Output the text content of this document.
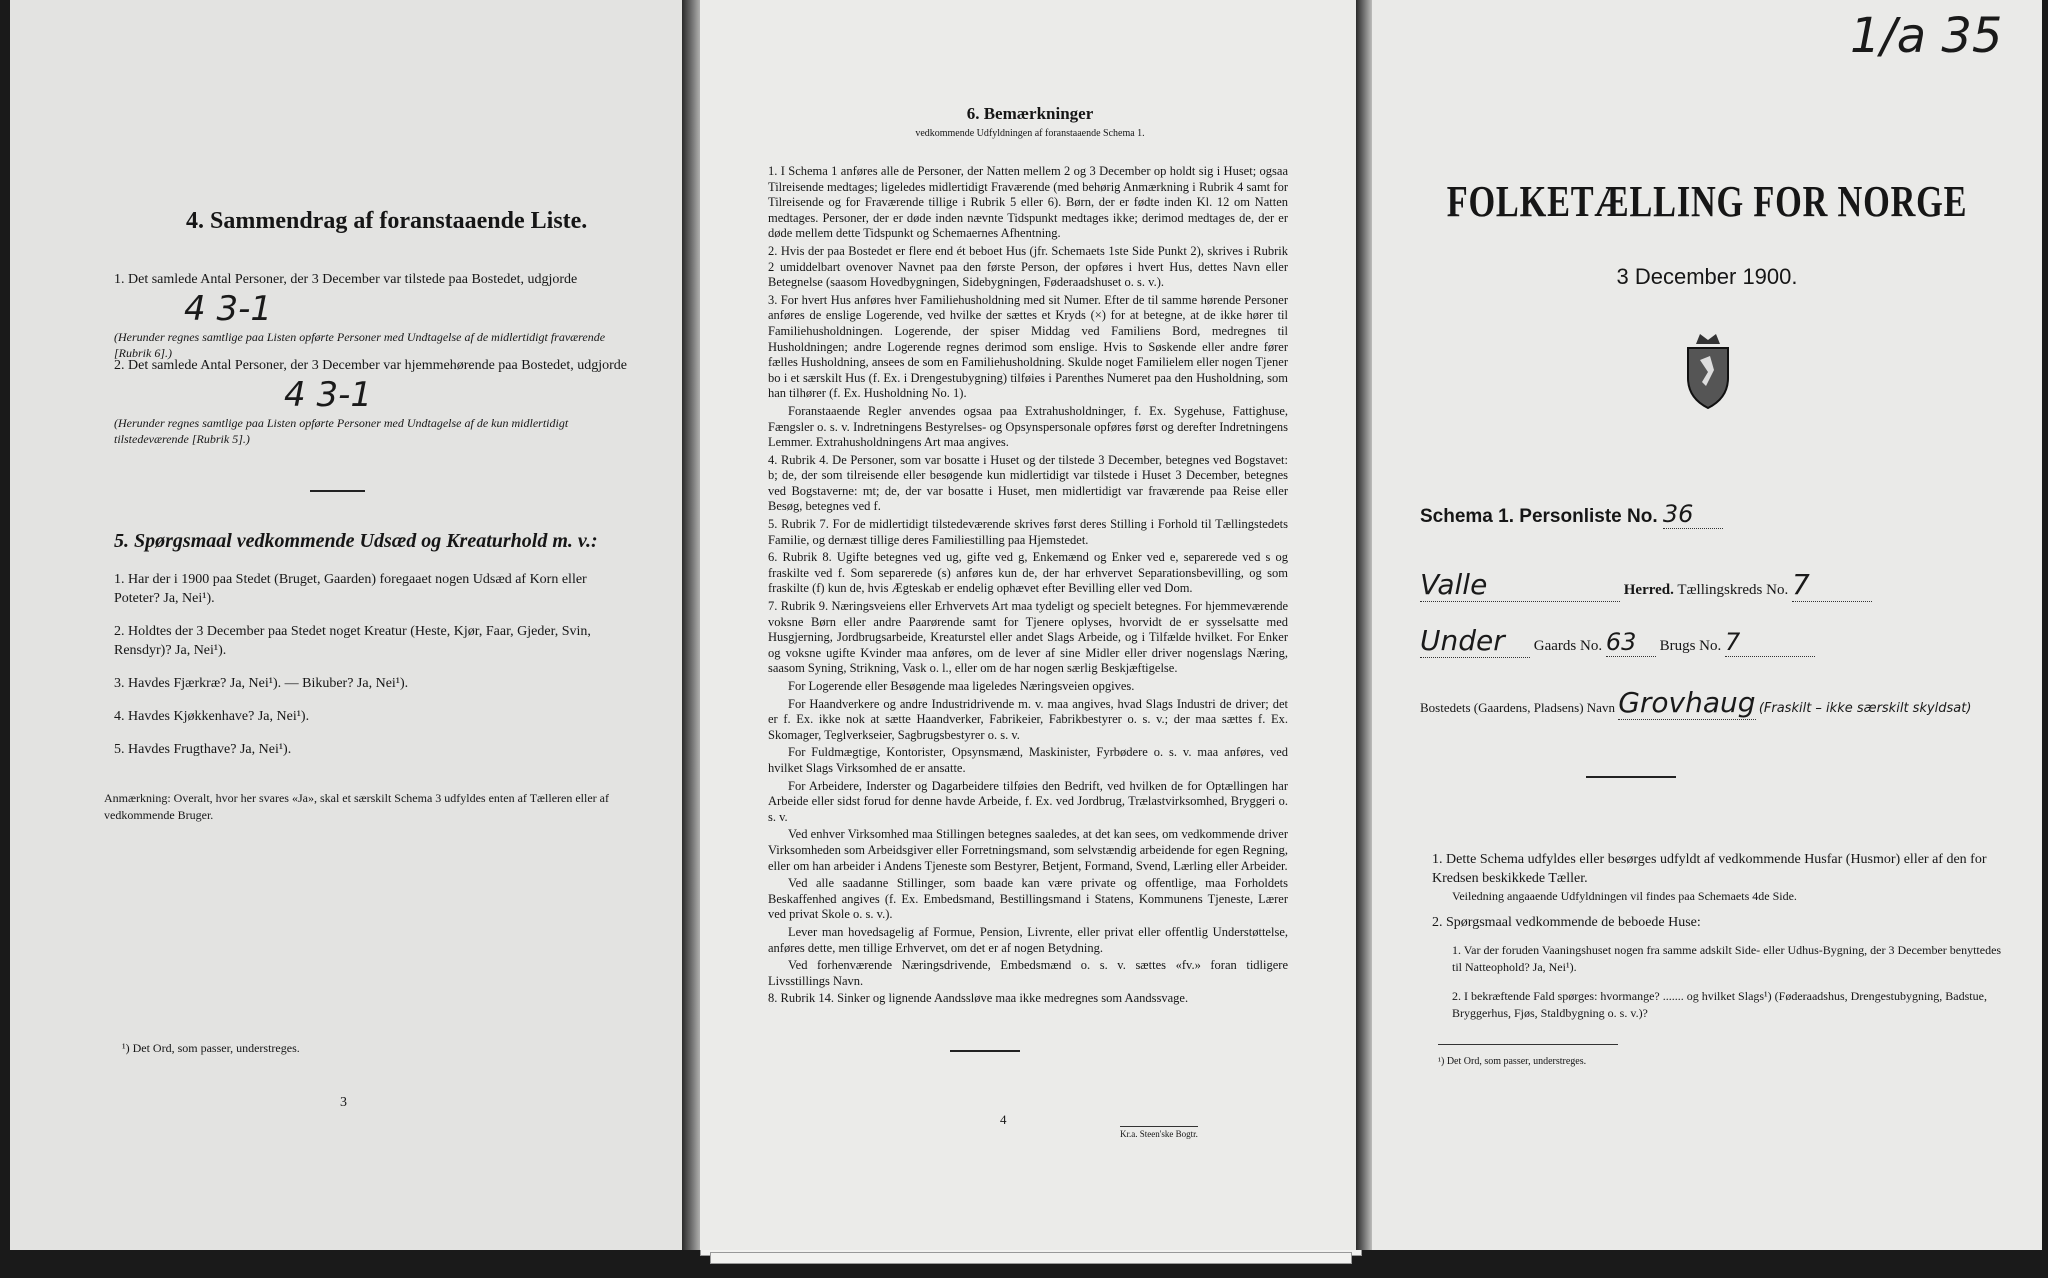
4. Sammendrag af foranstaaende Liste.
1. Det samlede Antal Personer, der 3 December var tilstede paa Bostedet, udgjorde
4 3-1
(Herunder regnes samtlige paa Listen opførte Personer med Undtagelse af de midlertidigt fraværende [Rubrik 6].)
2. Det samlede Antal Personer, der 3 December var hjemmehørende paa Bostedet, udgjorde
4 3-1
(Herunder regnes samtlige paa Listen opførte Personer med Undtagelse af de kun midlertidigt tilstedeværende [Rubrik 5].)
5. Spørgsmaal vedkommende Udsæd og Kreaturhold m. v.:
1. Har der i 1900 paa Stedet (Bruget, Gaarden) foregaaet nogen Udsæd af Korn eller Poteter? Ja, Nei¹).
2. Holdtes der 3 December paa Stedet noget Kreatur (Heste, Kjør, Faar, Gjeder, Svin, Rensdyr)? Ja, Nei¹).
3. Havdes Fjærkræ? Ja, Nei¹). — Bikuber? Ja, Nei¹).
4. Havdes Kjøkkenhave? Ja, Nei¹).
5. Havdes Frugthave? Ja, Nei¹).
Anmærkning: Overalt, hvor her svares «Ja», skal et særskilt Schema 3 udfyldes enten af Tælleren eller af vedkommende Bruger.
¹) Det Ord, som passer, understreges.
3
6. Bemærkninger
vedkommende Udfyldningen af foranstaaende Schema 1.
1. I Schema 1 anføres alle de Personer, der Natten mellem 2 og 3 December op holdt sig i Huset; ogsaa Tilreisende medtages; ligeledes midlertidigt Fraværende (med behørig Anmærkning i Rubrik 4 samt for Tilreisende og for Fraværende tillige i Rubrik 5 eller 6). Børn, der er fødte inden Kl. 12 om Natten medtages. Personer, der er døde inden nævnte Tidspunkt medtages ikke; derimod medtages de, der er døde mellem dette Tidspunkt og Schemaernes Afhentning.
2. Hvis der paa Bostedet er flere end ét beboet Hus (jfr. Schemaets 1ste Side Punkt 2), skrives i Rubrik 2 umiddelbart ovenover Navnet paa den første Person, der opføres i hvert Hus, dettes Navn eller Betegnelse (saasom Hovedbygningen, Sidebygningen, Føderaadshuset o. s. v.).
3. For hvert Hus anføres hver Familiehusholdning med sit Numer. Efter de til samme hørende Personer anføres de enslige Logerende, ved hvilke der sættes et Kryds (×) for at betegne, at de ikke hører til Familiehusholdningen. Logerende, der spiser Middag ved Familiens Bord, medregnes til Husholdningen; andre Logerende regnes derimod som enslige. Hvis to Søskende eller andre fører fælles Husholdning, ansees de som en Familiehusholdning. Skulde noget Familielem eller nogen Tjener bo i et særskilt Hus (f. Ex. i Drengestubygning) tilføies i Parenthes Numeret paa den Husholdning, som han tilhører (f. Ex. Husholdning No. 1).
Foranstaaende Regler anvendes ogsaa paa Extrahusholdninger, f. Ex. Sygehuse, Fattighuse, Fængsler o. s. v. Indretningens Bestyrelses- og Opsynspersonale opføres først og derefter Indretningens Lemmer. Extrahusholdningens Art maa angives.
4. Rubrik 4. De Personer, som var bosatte i Huset og der tilstede 3 December, betegnes ved Bogstavet: b; de, der som tilreisende eller besøgende kun midlertidigt var tilstede i Huset 3 December, betegnes ved Bogstaverne: mt; de, der var bosatte i Huset, men midlertidigt var fraværende paa Reise eller Besøg, betegnes ved f.
5. Rubrik 7. For de midlertidigt tilstedeværende skrives først deres Stilling i Forhold til Tællingstedets Familie, og dernæst tillige deres Familiestilling paa Hjemstedet.
6. Rubrik 8. Ugifte betegnes ved ug, gifte ved g, Enkemænd og Enker ved e, separerede ved s og fraskilte ved f. Som separerede (s) anføres kun de, der har erhvervet Separationsbevilling, og som fraskilte (f) kun de, hvis Ægteskab er endelig ophævet efter Bevilling eller ved Dom.
7. Rubrik 9. Næringsveiens eller Erhvervets Art maa tydeligt og specielt betegnes. For hjemmeværende voksne Børn eller andre Paarørende samt for Tjenere oplyses, hvorvidt de er sysselsatte med Husgjerning, Jordbrugsarbeide, Kreaturstel eller andet Slags Arbeide, og i Tilfælde hvilket. For Enker og voksne ugifte Kvinder maa anføres, om de lever af sine Midler eller driver nogenslags Næring, saasom Syning, Strikning, Vask o. l., eller om de har nogen særlig Beskjæftigelse.
For Logerende eller Besøgende maa ligeledes Næringsveien opgives.
For Haandverkere og andre Industridrivende m. v. maa angives, hvad Slags Industri de driver; det er f. Ex. ikke nok at sætte Haandverker, Fabrikeier, Fabrikbestyrer o. s. v.; der maa sættes f. Ex. Skomager, Teglverkseier, Sagbrugsbestyrer o. s. v.
For Fuldmægtige, Kontorister, Opsynsmænd, Maskinister, Fyrbødere o. s. v. maa anføres, ved hvilket Slags Virksomhed de er ansatte.
For Arbeidere, Inderster og Dagarbeidere tilføies den Bedrift, ved hvilken de for Optællingen har Arbeide eller sidst forud for denne havde Arbeide, f. Ex. ved Jordbrug, Trælastvirksomhed, Bryggeri o. s. v.
Ved enhver Virksomhed maa Stillingen betegnes saaledes, at det kan sees, om vedkommende driver Virksomheden som Arbeidsgiver eller Forretningsmand, som selvstændig arbeidende for egen Regning, eller om han arbeider i Andens Tjeneste som Bestyrer, Betjent, Formand, Svend, Lærling eller Arbeider.
Ved alle saadanne Stillinger, som baade kan være private og offentlige, maa Forholdets Beskaffenhed angives (f. Ex. Embedsmand, Bestillingsmand i Statens, Kommunens Tjeneste, Lærer ved privat Skole o. s. v.).
Lever man hovedsagelig af Formue, Pension, Livrente, eller privat eller offentlig Understøttelse, anføres dette, men tillige Erhvervet, om det er af nogen Betydning.
Ved forhenværende Næringsdrivende, Embedsmænd o. s. v. sættes «fv.» foran tidligere Livsstillings Navn.
8. Rubrik 14. Sinker og lignende Aandssløve maa ikke medregnes som Aandssvage.
4
Kr.a. Steen'ske Bogtr.
1/a 35
FOLKETÆLLING FOR NORGE
3 December 1900.
Schema 1. Personliste No. 36
Valle	Herred. Tællingskreds No. 7
Under Gaards No. 63 Brugs No. 7
Bostedets (Gaardens, Pladsens) Navn Grovhaug (Fraskilt – ikke særskilt skyldsat)
1. Dette Schema udfyldes eller besørges udfyldt af vedkommende Husfar (Husmor) eller af den for Kredsen beskikkede Tæller.
Veiledning angaaende Udfyldningen vil findes paa Schemaets 4de Side.
2. Spørgsmaal vedkommende de beboede Huse:
1. Var der foruden Vaaningshuset nogen fra samme adskilt Side- eller Udhus-Bygning, der 3 December benyttedes til Natteophold? Ja, Nei¹).
2. I bekræftende Fald spørges: hvormange? ....... og hvilket Slags¹) (Føderaadshus, Drengestubygning, Badstue, Bryggerhus, Fjøs, Staldbygning o. s. v.)?
¹) Det Ord, som passer, understreges.
